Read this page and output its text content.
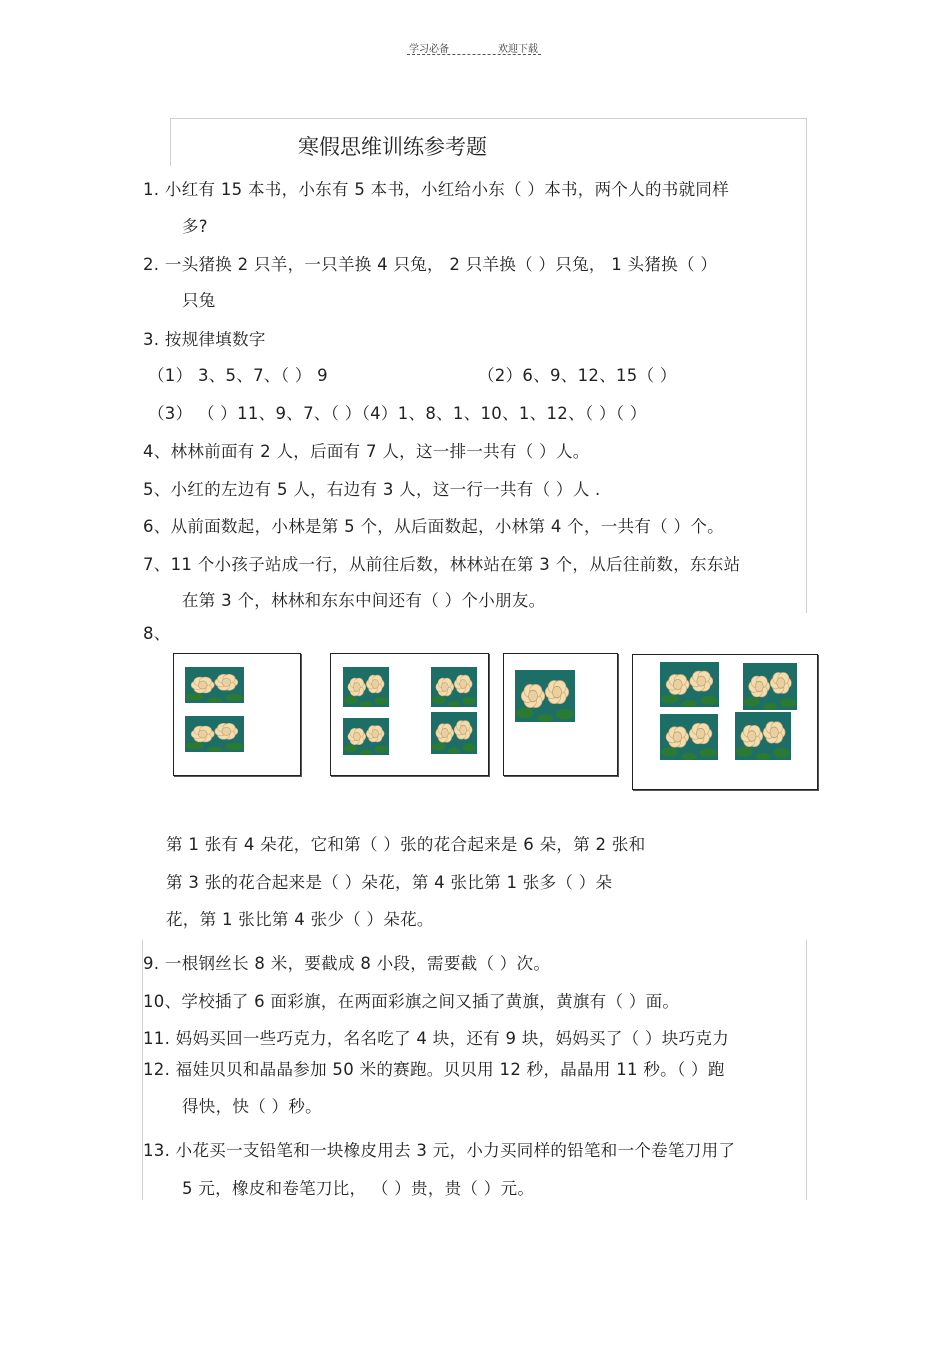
学习必备	欢迎下载
寒假思维训练参考题
1. 小红有 15 本书，小东有 5 本书，小红给小东（ ）本书，两个人的书就同样
多?
2. 一头猪换 2 只羊，一只羊换 4 只兔， 2 只羊换（ ）只兔， 1 头猪换（ ）
只兔
3. 按规律填数字
（1） 3、5、7、（ ） 9	（2）6、9、12、15（ ）
（3） （ ）11、9、7、（ ）（4）1、8、1、10、1、12、（ ）（ ）
4、林林前面有 2 人，后面有 7 人，这一排一共有（ ）人。
5、小红的左边有 5 人，右边有 3 人，这一行一共有（ ）人 .
6、从前面数起，小林是第 5 个，从后面数起，小林第 4 个，一共有（ ）个。
7、11 个小孩子站成一行，从前往后数，林林站在第 3 个，从后往前数，东东站
在第 3 个，林林和东东中间还有（ ）个小朋友。
8、
第 1 张有 4 朵花，它和第（ ）张的花合起来是 6 朵，第 2 张和
第 3 张的花合起来是（ ）朵花，第 4 张比第 1 张多（ ）朵
花，第 1 张比第 4 张少（ ）朵花。
9. 一根钢丝长 8 米，要截成 8 小段，需要截（ ）次。
10、学校插了 6 面彩旗，在两面彩旗之间又插了黄旗，黄旗有（ ）面。
11. 妈妈买回一些巧克力，名名吃了 4 块，还有 9 块，妈妈买了（ ）块巧克力
12. 福娃贝贝和晶晶参加 50 米的赛跑。贝贝用 12 秒，晶晶用 11 秒。（ ）跑
得快，快（ ）秒。
13. 小花买一支铅笔和一块橡皮用去 3 元，小力买同样的铅笔和一个卷笔刀用了
5 元，橡皮和卷笔刀比， （ ）贵，贵（ ）元。
